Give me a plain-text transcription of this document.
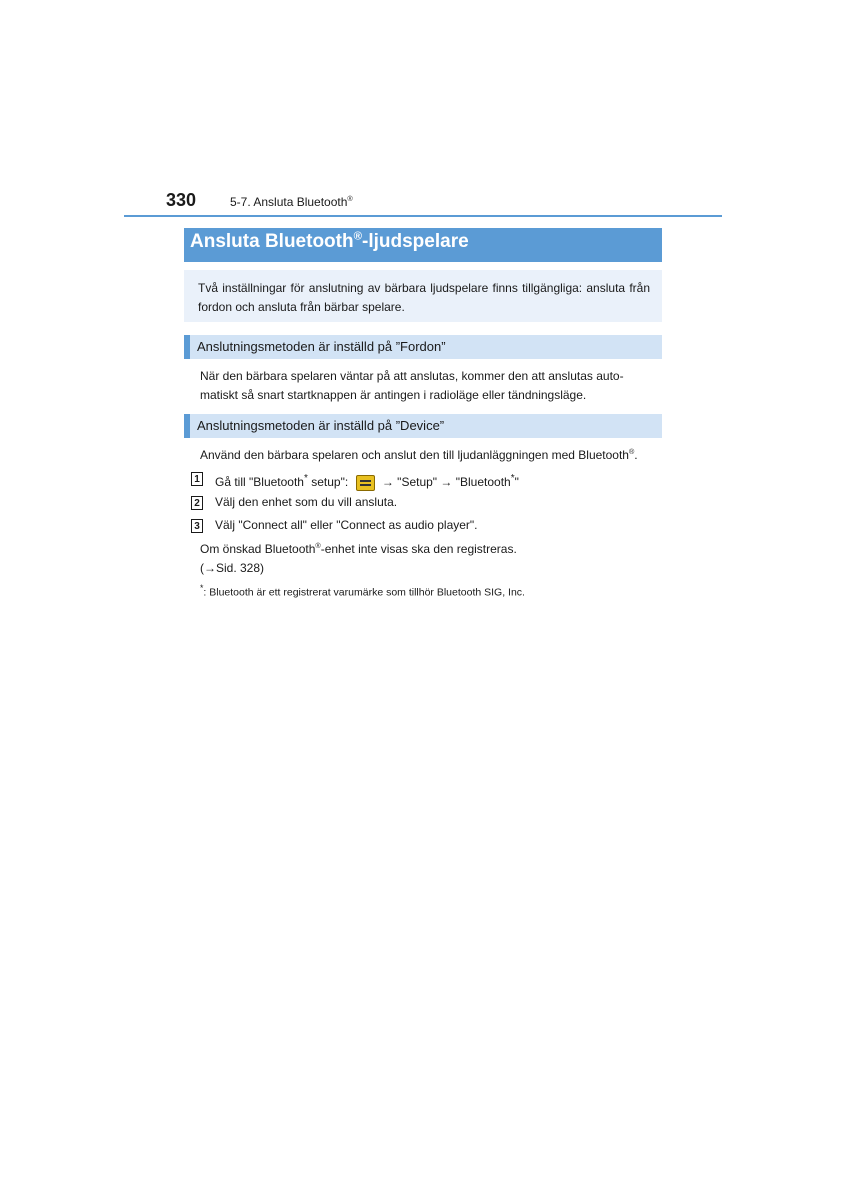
330	5-7. Ansluta Bluetooth®
Ansluta Bluetooth®-ljudspelare
Två inställningar för anslutning av bärbara ljudspelare finns tillgängliga: ansluta från fordon och ansluta från bärbar spelare.
Anslutningsmetoden är inställd på ”Fordon”
När den bärbara spelaren väntar på att anslutas, kommer den att anslutas auto-
matiskt så snart startknappen är antingen i radioläge eller tändningsläge.
Anslutningsmetoden är inställd på ”Device”
Använd den bärbara spelaren och anslut den till ljudanläggningen med Bluetooth®.
1 Gå till "Bluetooth* setup":  → "Setup" → "Bluetooth*"
2 Välj den enhet som du vill ansluta.
3 Välj "Connect all" eller "Connect as audio player".
Om önskad Bluetooth®-enhet inte visas ska den registreras.
(→Sid. 328)
*: Bluetooth är ett registrerat varumärke som tillhör Bluetooth SIG, Inc.
